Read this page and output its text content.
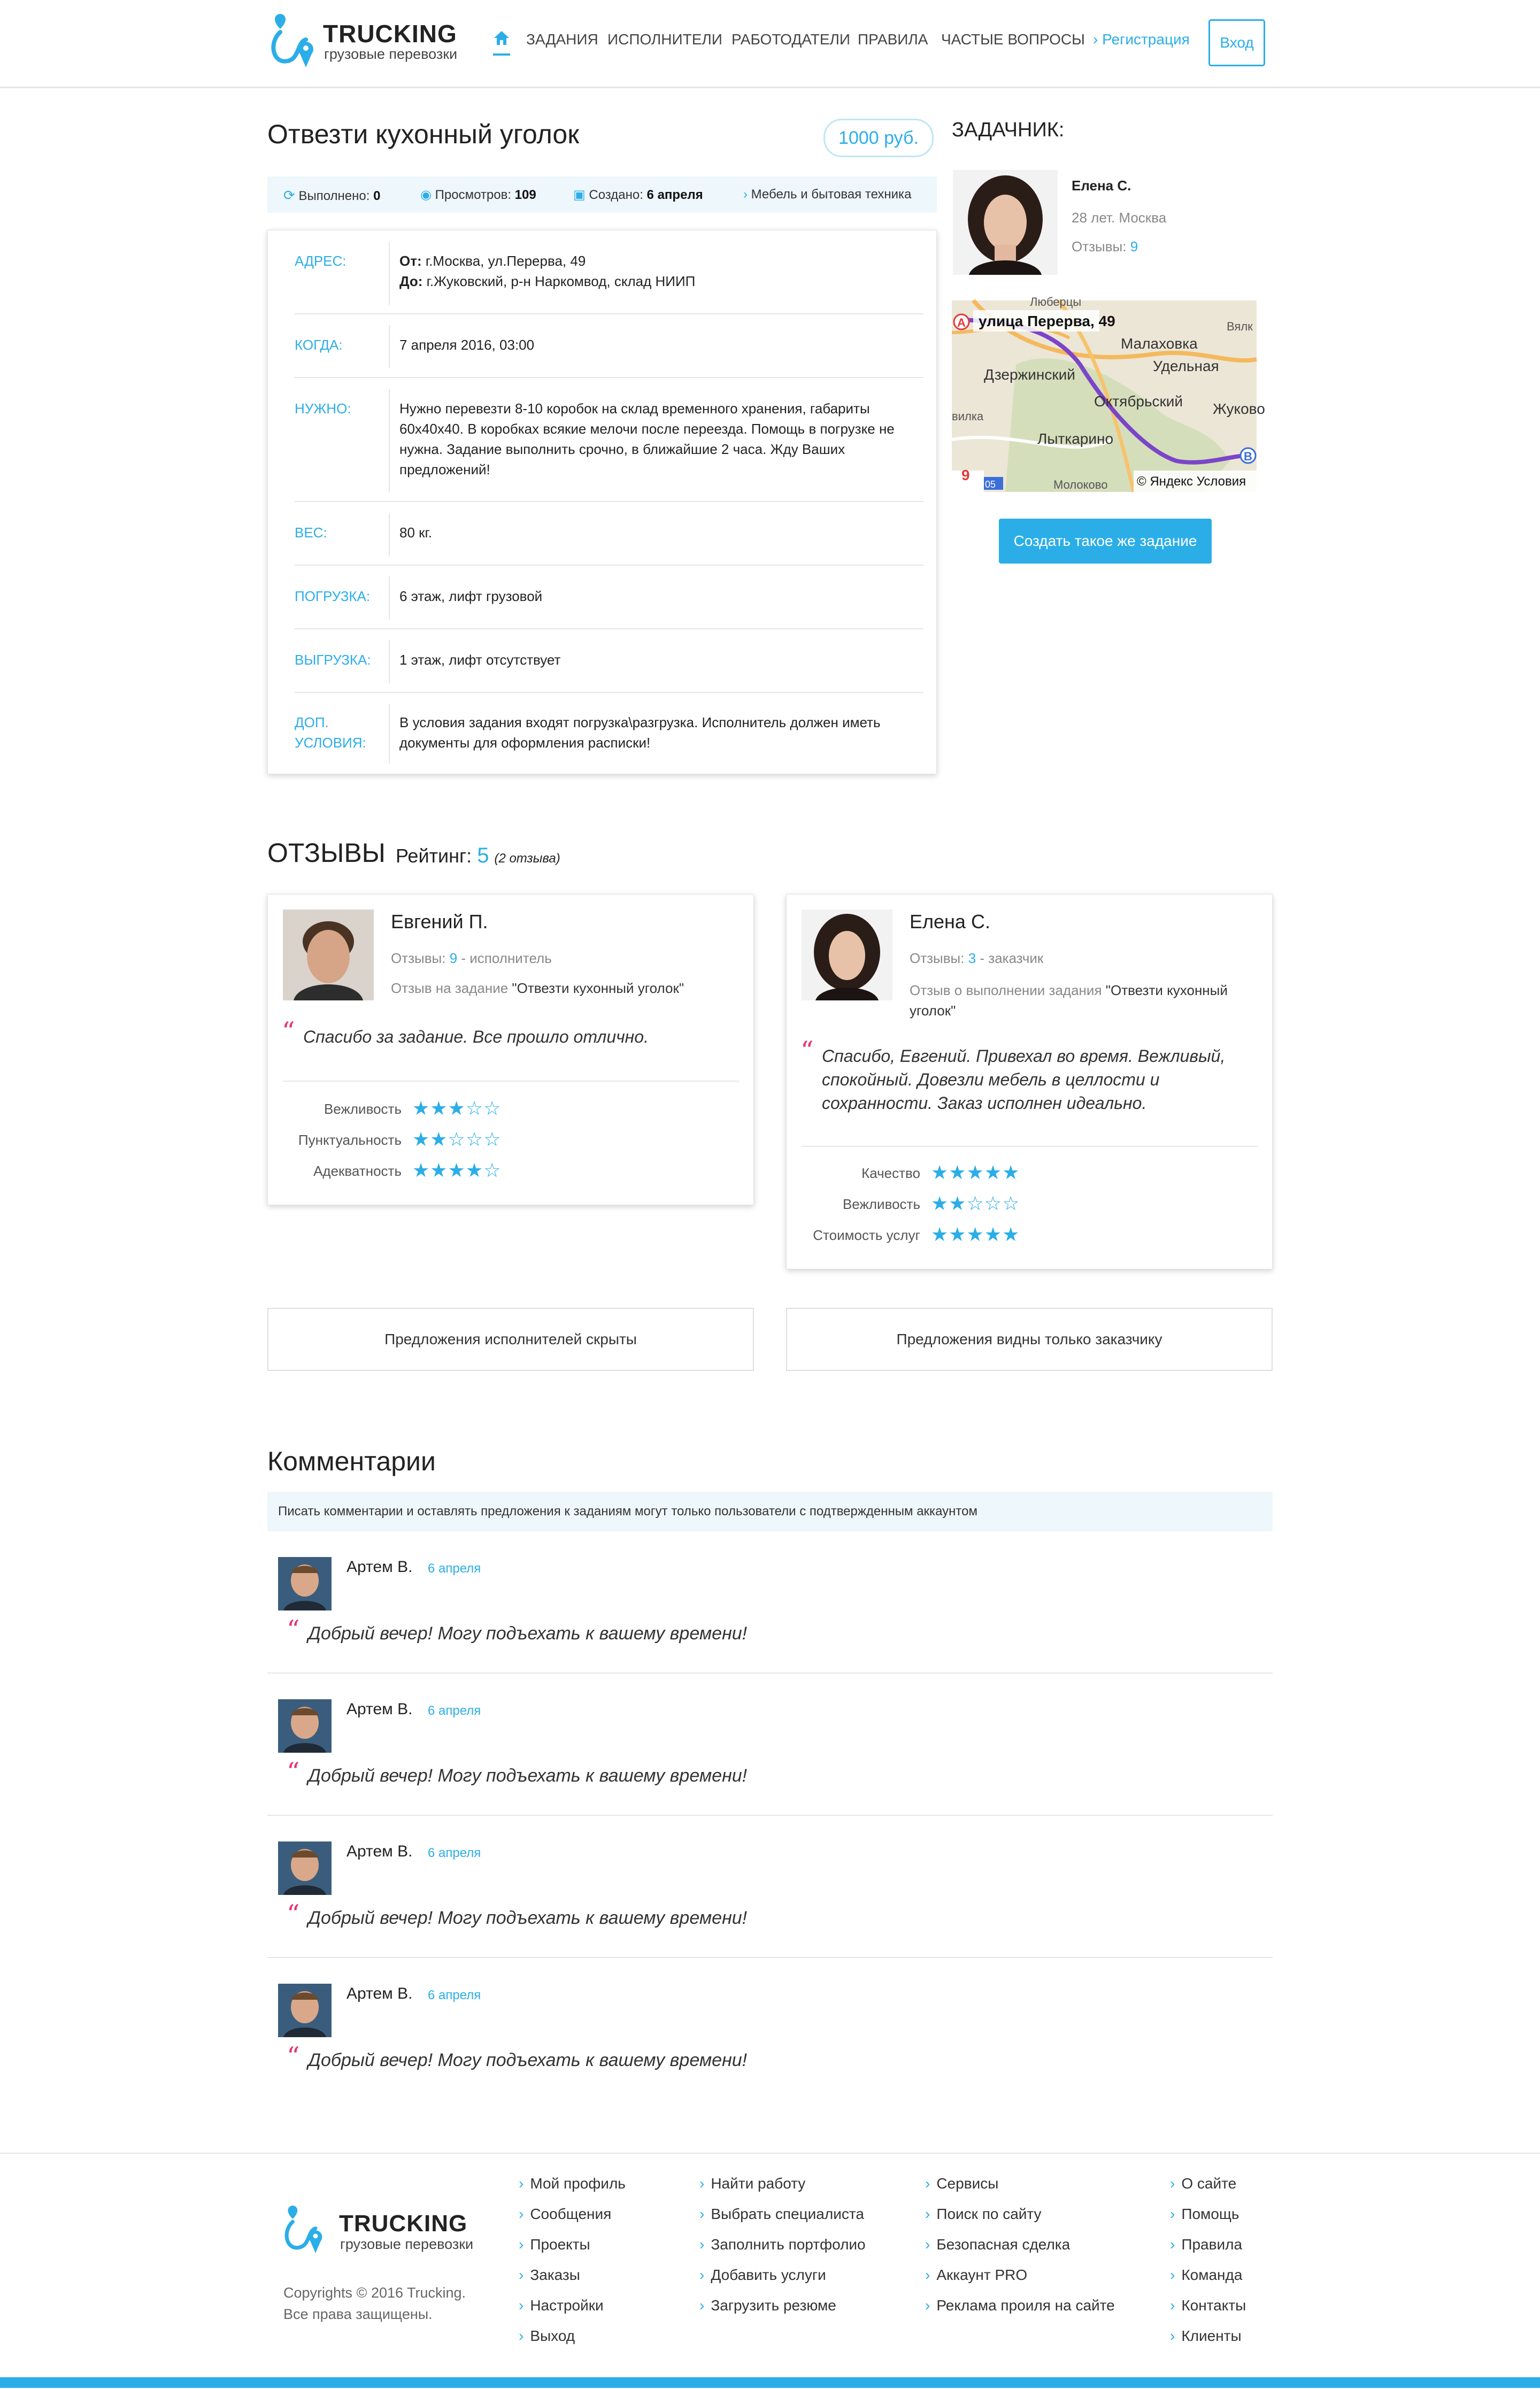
TRUCKING
грузовые перевозки
ЗАДАНИЯ ИСПОЛНИТЕЛИ РАБОТОДАТЕЛИ ПРАВИЛА ЧАСТЫЕ ВОПРОСЫ › Регистрация	Вход
Отвезти кухонный уголок	1000 руб.
⟳ Выполнено: 0	◉ Просмотров: 109	▣ Создано: 6 апреля	› Мебель и бытовая техника
АДРЕС:	От: г.Москва, ул.Перерва, 49
До: г.Жуковский, р-н Наркомвод, склад НИИП
КОГДА:	7 апреля 2016, 03:00
НУЖНО:	Нужно перевезти 8-10 коробок на склад временного хранения, габариты 60х40х40. В коробках всякие мелочи после переезда. Помощь в погрузке не нужна. Задание выполнить срочно, в ближайшие 2 часа. Жду Ваших предложений!
ВЕС:	80 кг.
ПОГРУЗКА:	6 этаж, лифт грузовой
ВЫГРУЗКА: 1 этаж, лифт отсутствует
ДОП. УСЛОВИЯ:
В условия задания входят погрузка\разгрузка. Исполнитель должен иметь документы для оформления расписки!
ЗАДАЧНИК:
Елена С.
28 лет. Москва
Отзывы: 9
улица Перерва, 49
A
B
Малаховка
Удельная
Дзержинский
Октябрьский Жуково
Лыткарино
Молоково
Вялк
Люберцы
вилка
9
05	© Яндекс Условия
Создать такое же задание
ОТЗЫВЫ Рейтинг: 5 (2 отзыва)
Евгений П.
Отзывы: 9 - исполнитель
Отзыв на задание "Отвезти кухонный уголок"
“ Спасибо за задание. Все прошло отлично.
Вежливость ★★★☆☆
Пунктуальность ★★☆☆☆
Адекватность ★★★★☆
Елена С.
Отзывы: 3 - заказчик
Отзыв о выполнении задания "Отвезти кухонный уголок"
“ Спасибо, Евгений. Привехал во время. Вежливый, спокойный. Довезли мебель в целлости и сохранности. Заказ исполнен идеально.
Качество ★★★★★
Вежливость ★★☆☆☆
Стоимость услуг ★★★★★
Предложения исполнителей скрыты	Предложения видны только заказчику
Комментарии
Писать комментарии и оставлять предложения к заданиям могут только пользователи с подтвержденным аккаунтом
Артем В. 6 апреля
“ Добрый вечер! Могу подъехать к вашему времени!
Артем В. 6 апреля
“ Добрый вечер! Могу подъехать к вашему времени!
Артем В. 6 апреля
“ Добрый вечер! Могу подъехать к вашему времени!
Артем В. 6 апреля
“ Добрый вечер! Могу подъехать к вашему времени!
TRUCKING
грузовые перевозки
Copyrights © 2016 Trucking.
Все права защищены.
› Мой профиль
› Сообщения
› Проекты
› Заказы
› Настройки
› Выход
› Найти работу
› Выбрать специалиста
› Заполнить портфолио
› Добавить услуги
› Загрузить резюме
› Сервисы
› Поиск по сайту
› Безопасная сделка
› Аккаунт PRO
› Реклама проиля на сайте
› О сайте
› Помощь
› Правила
› Команда
› Контакты
› Клиенты
